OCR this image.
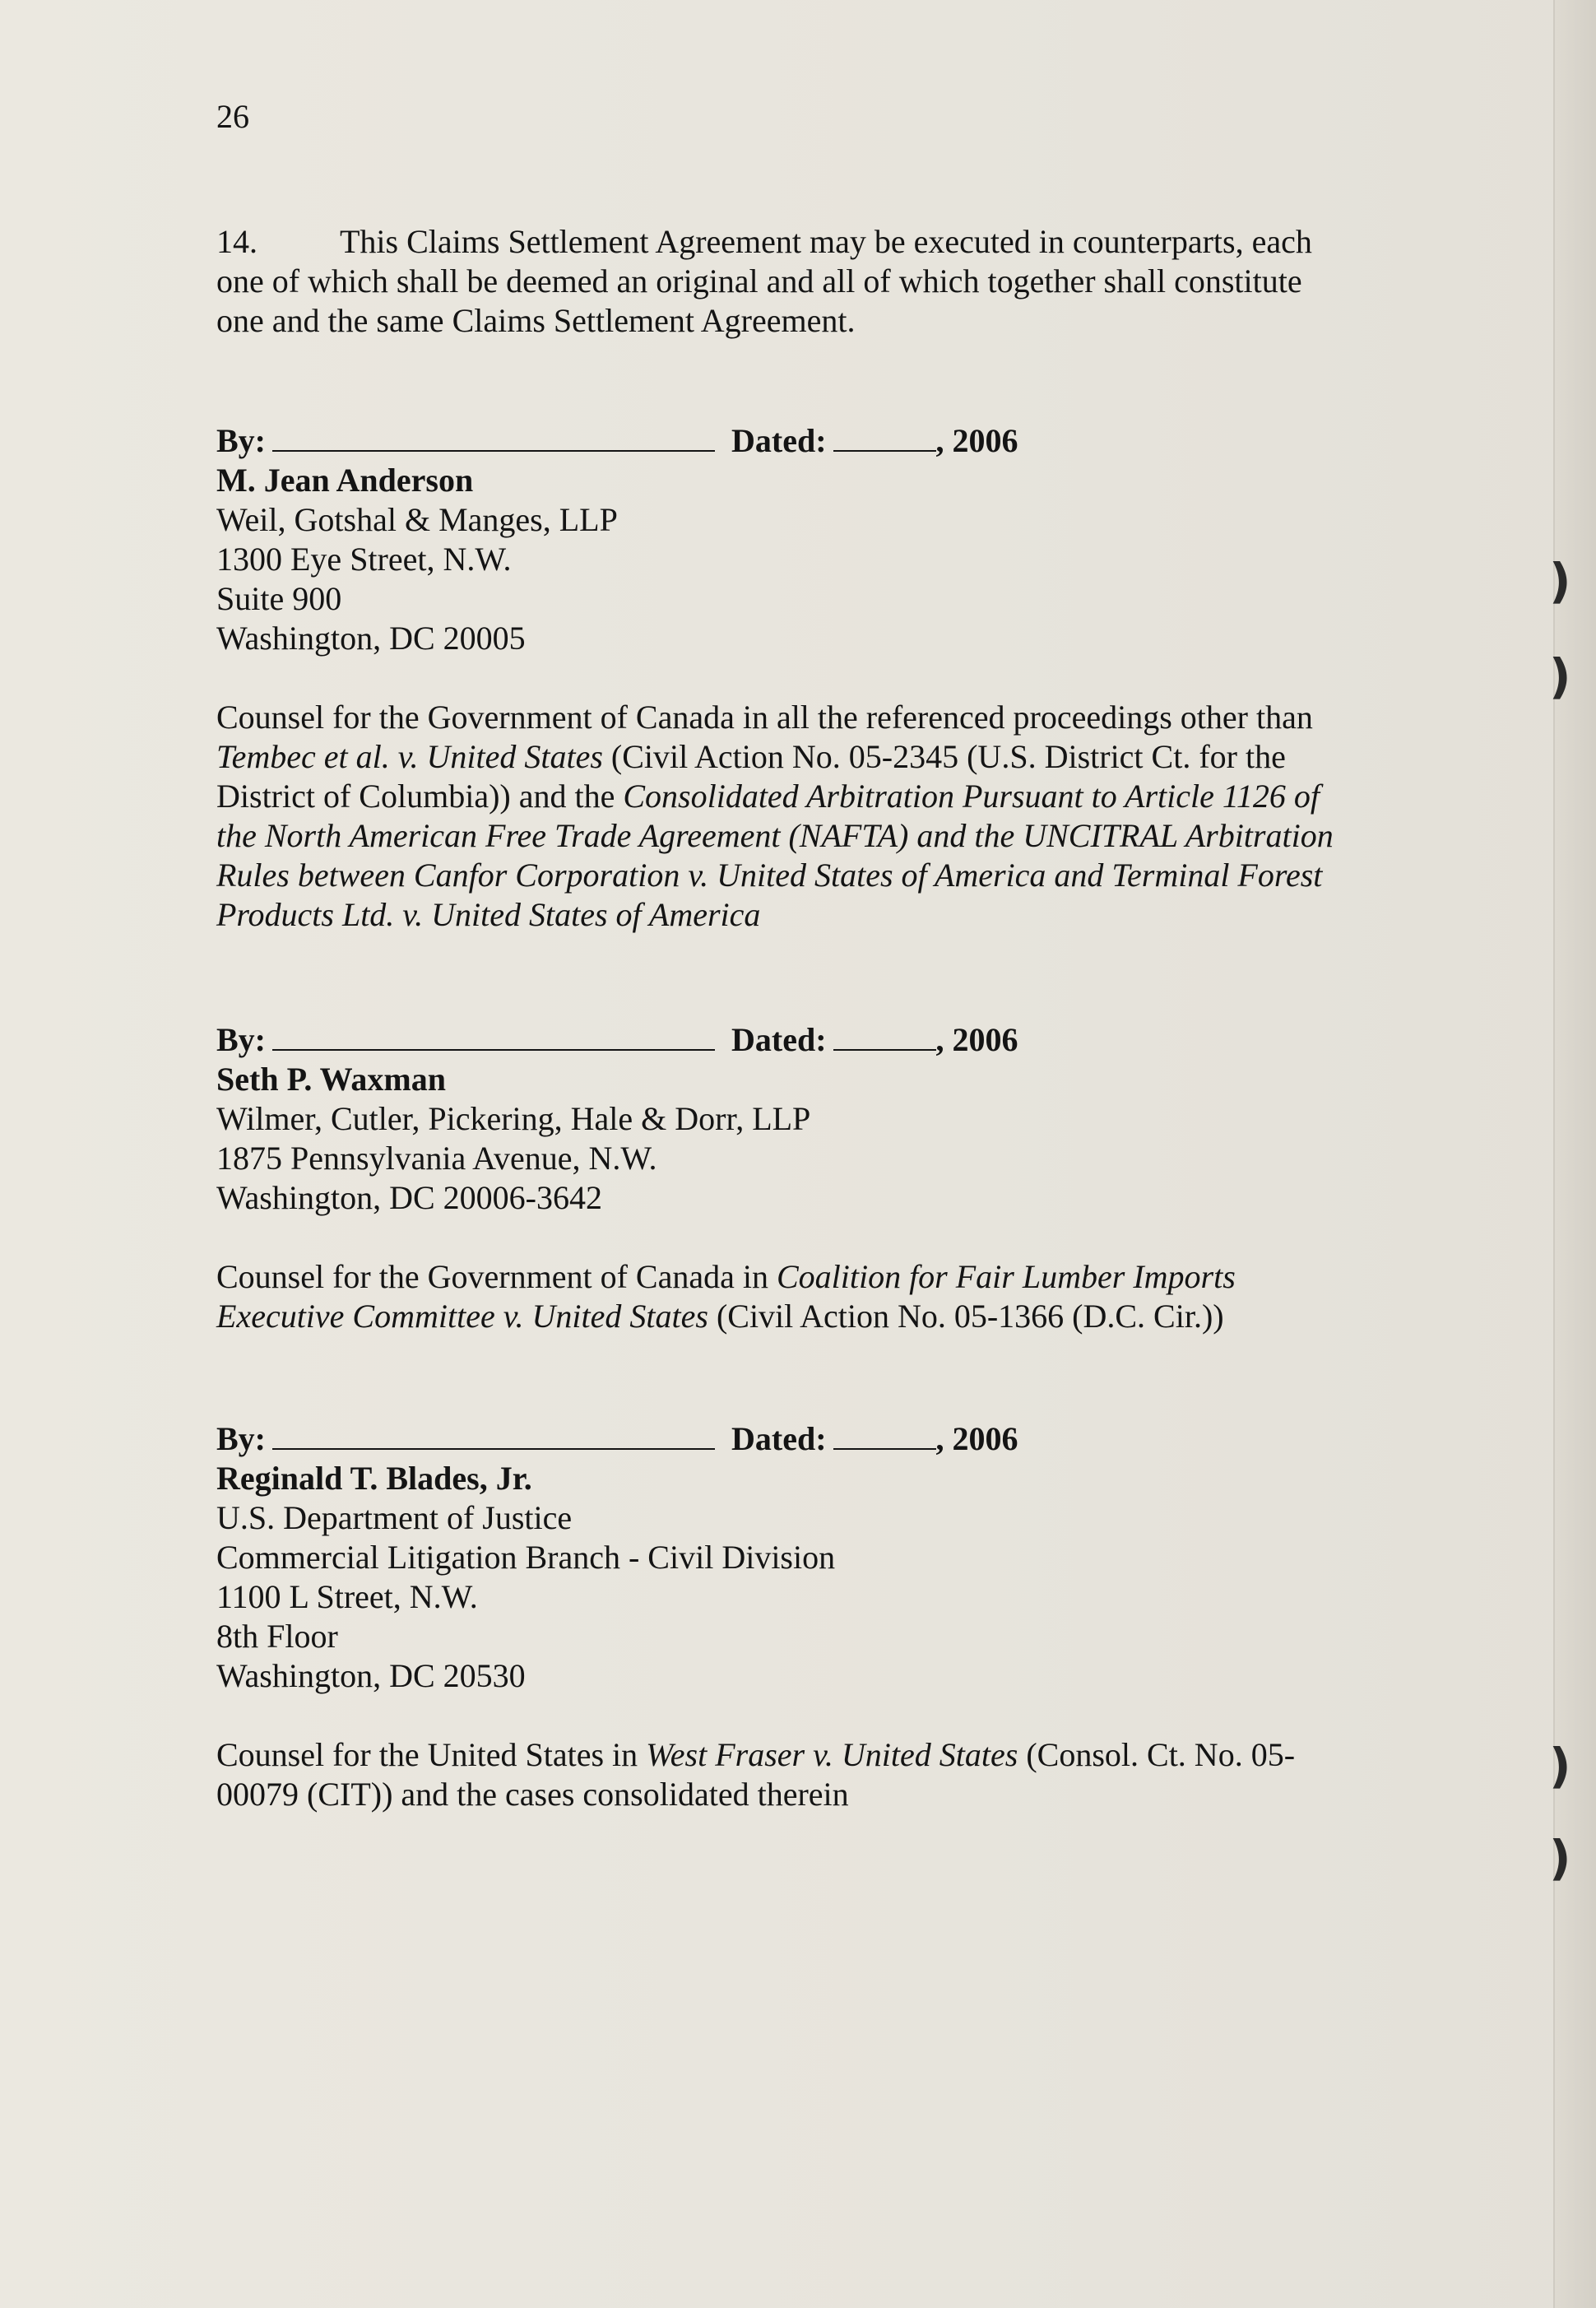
26
14.	This Claims Settlement Agreement may be executed in counterparts, each one of which shall be deemed an original and all of which together shall constitute one and the same Claims Settlement Agreement.
By:	Dated:	, 2006
M. Jean Anderson
Weil, Gotshal & Manges, LLP
1300 Eye Street, N.W.
Suite 900
Washington, DC 20005
Counsel for the Government of Canada in all the referenced proceedings other than Tembec et al. v. United States (Civil Action No. 05-2345 (U.S. District Ct. for the District of Columbia)) and the Consolidated Arbitration Pursuant to Article 1126 of the North American Free Trade Agreement (NAFTA) and the UNCITRAL Arbitration Rules between Canfor Corporation v. United States of America and Terminal Forest Products Ltd. v. United States of America
By:	Dated:	, 2006
Seth P. Waxman
Wilmer, Cutler, Pickering, Hale & Dorr, LLP
1875 Pennsylvania Avenue, N.W.
Washington, DC 20006-3642
Counsel for the Government of Canada in Coalition for Fair Lumber Imports Executive Committee v. United States (Civil Action No. 05-1366 (D.C. Cir.))
By:	Dated:	, 2006
Reginald T. Blades, Jr.
U.S. Department of Justice
Commercial Litigation Branch - Civil Division
1100 L Street, N.W.
8th Floor
Washington, DC 20530
Counsel for the United States in West Fraser v. United States (Consol. Ct. No. 05-00079 (CIT)) and the cases consolidated therein
)
)
)
)
